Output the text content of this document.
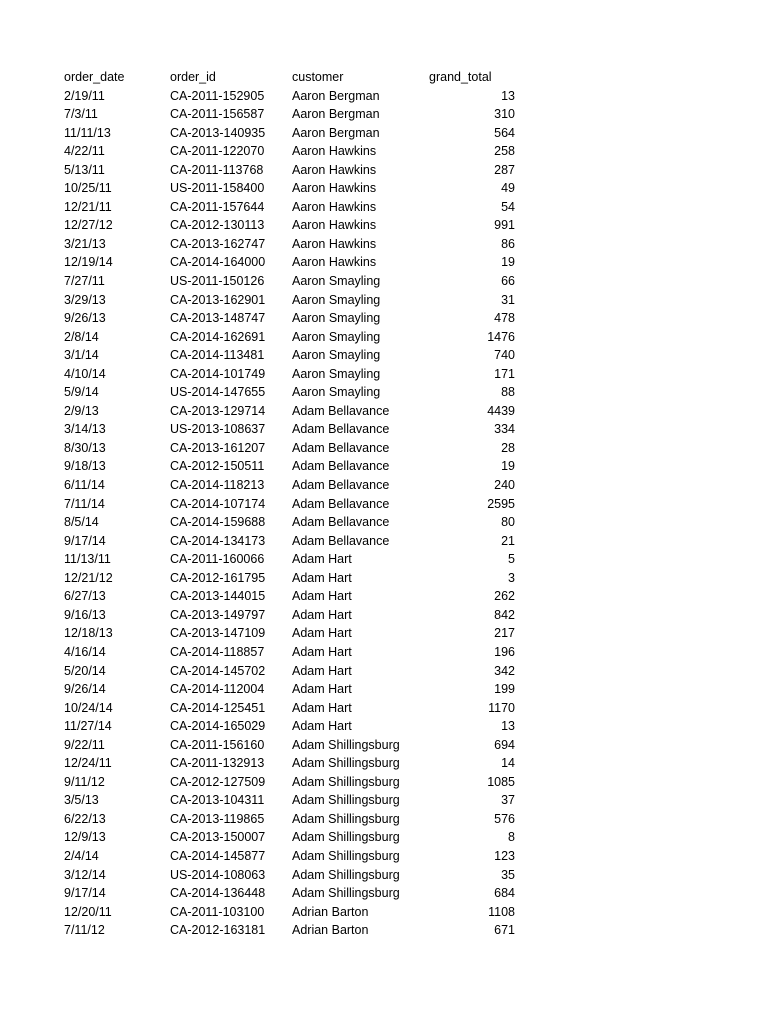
order_date	order_id	customer	grand_total
2/19/11	CA-2011-152905 Aaron Bergman	13
7/3/11	CA-2011-156587 Aaron Bergman	310
11/11/13	CA-2013-140935 Aaron Bergman	564
4/22/11	CA-2011-122070 Aaron Hawkins	258
5/13/11	CA-2011-113768 Aaron Hawkins	287
10/25/11	US-2011-158400 Aaron Hawkins	49
12/21/11	CA-2011-157644 Aaron Hawkins	54
12/27/12	CA-2012-130113 Aaron Hawkins	991
3/21/13	CA-2013-162747 Aaron Hawkins	86
12/19/14	CA-2014-164000 Aaron Hawkins	19
7/27/11	US-2011-150126 Aaron Smayling	66
3/29/13	CA-2013-162901 Aaron Smayling	31
9/26/13	CA-2013-148747 Aaron Smayling	478
2/8/14	CA-2014-162691 Aaron Smayling	1476
3/1/14	CA-2014-113481 Aaron Smayling	740
4/10/14	CA-2014-101749 Aaron Smayling	171
5/9/14	US-2014-147655 Aaron Smayling	88
2/9/13	CA-2013-129714 Adam Bellavance	4439
3/14/13	US-2013-108637 Adam Bellavance	334
8/30/13	CA-2013-161207 Adam Bellavance	28
9/18/13	CA-2012-150511 Adam Bellavance	19
6/11/14	CA-2014-118213 Adam Bellavance	240
7/11/14	CA-2014-107174 Adam Bellavance	2595
8/5/14	CA-2014-159688 Adam Bellavance	80
9/17/14	CA-2014-134173 Adam Bellavance	21
11/13/11	CA-2011-160066 Adam Hart	5
12/21/12	CA-2012-161795 Adam Hart	3
6/27/13	CA-2013-144015 Adam Hart	262
9/16/13	CA-2013-149797 Adam Hart	842
12/18/13	CA-2013-147109 Adam Hart	217
4/16/14	CA-2014-118857 Adam Hart	196
5/20/14	CA-2014-145702 Adam Hart	342
9/26/14	CA-2014-112004 Adam Hart	199
10/24/14	CA-2014-125451 Adam Hart	1170
11/27/14	CA-2014-165029 Adam Hart	13
9/22/11	CA-2011-156160 Adam Shillingsburg	694
12/24/11	CA-2011-132913 Adam Shillingsburg	14
9/11/12	CA-2012-127509 Adam Shillingsburg	1085
3/5/13	CA-2013-104311 Adam Shillingsburg	37
6/22/13	CA-2013-119865 Adam Shillingsburg	576
12/9/13	CA-2013-150007 Adam Shillingsburg	8
2/4/14	CA-2014-145877 Adam Shillingsburg	123
3/12/14	US-2014-108063 Adam Shillingsburg	35
9/17/14	CA-2014-136448 Adam Shillingsburg	684
12/20/11	CA-2011-103100 Adrian Barton	1108
7/11/12	CA-2012-163181 Adrian Barton	671
